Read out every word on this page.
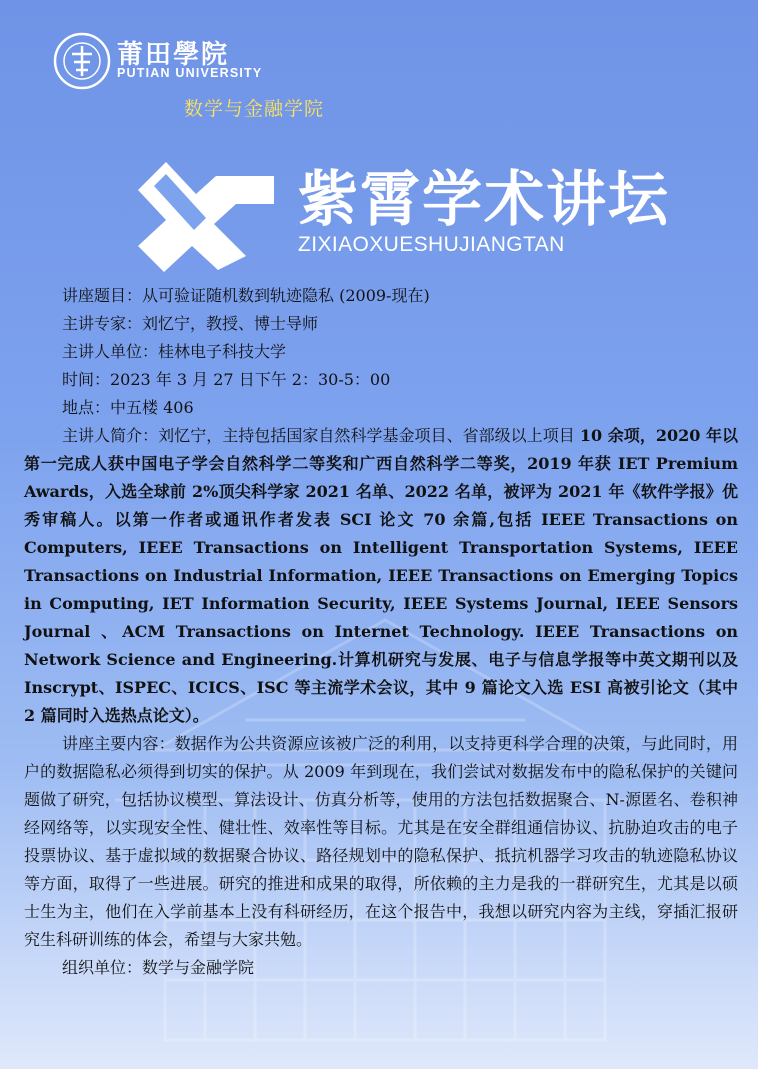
莆田學院
PUTIAN UNIVERSITY
数学与金融学院
紫霄学术讲坛
ZIXIAOXUESHUJIANGTAN

讲座题目：从可验证随机数到轨迹隐私 (2009-现在)

主讲专家：刘忆宁，教授、博士导师

主讲人单位：桂林电子科技大学

时间：2023 年 3 月 27 日下午 2：30-5：00

地点：中五楼 406

主讲人简介：刘忆宁，主持包括国家自然科学基金项目、省部级以上项目 10 余项，2020 年以第一完成人获中国电子学会自然科学二等奖和广西自然科学二等奖，2019 年获 IET Premium Awards，入选全球前 2%顶尖科学家 2021 名单、2022 名单，被评为 2021 年《软件学报》优秀审稿人。以第一作者或通讯作者发表 SCI 论文 70 余篇,包括 IEEE Transactions on Computers, IEEE Transactions on Intelligent Transportation Systems, IEEE Transactions on Industrial Information, IEEE Transactions on Emerging Topics in Computing, IET Information Security, IEEE Systems Journal, IEEE Sensors Journal 、ACM Transactions on Internet Technology. IEEE Transactions on Network Science and Engineering.计算机研究与发展、电子与信息学报等中英文期刊以及 Inscrypt、ISPEC、ICICS、ISC 等主流学术会议，其中 9 篇论文入选 ESI 高被引论文（其中 2 篇同时入选热点论文）。

讲座主要内容：数据作为公共资源应该被广泛的利用，以支持更科学合理的决策，与此同时，用户的数据隐私必须得到切实的保护。从 2009 年到现在，我们尝试对数据发布中的隐私保护的关键问题做了研究，包括协议模型、算法设计、仿真分析等，使用的方法包括数据聚合、N-源匿名、卷积神经网络等，以实现安全性、健壮性、效率性等目标。尤其是在安全群组通信协议、抗胁迫攻击的电子投票协议、基于虚拟域的数据聚合协议、路径规划中的隐私保护、抵抗机器学习攻击的轨迹隐私协议等方面，取得了一些进展。研究的推进和成果的取得，所依赖的主力是我的一群研究生，尤其是以硕士生为主，他们在入学前基本上没有科研经历，在这个报告中，我想以研究内容为主线，穿插汇报研究生科研训练的体会，希望与大家共勉。

组织单位：数学与金融学院
